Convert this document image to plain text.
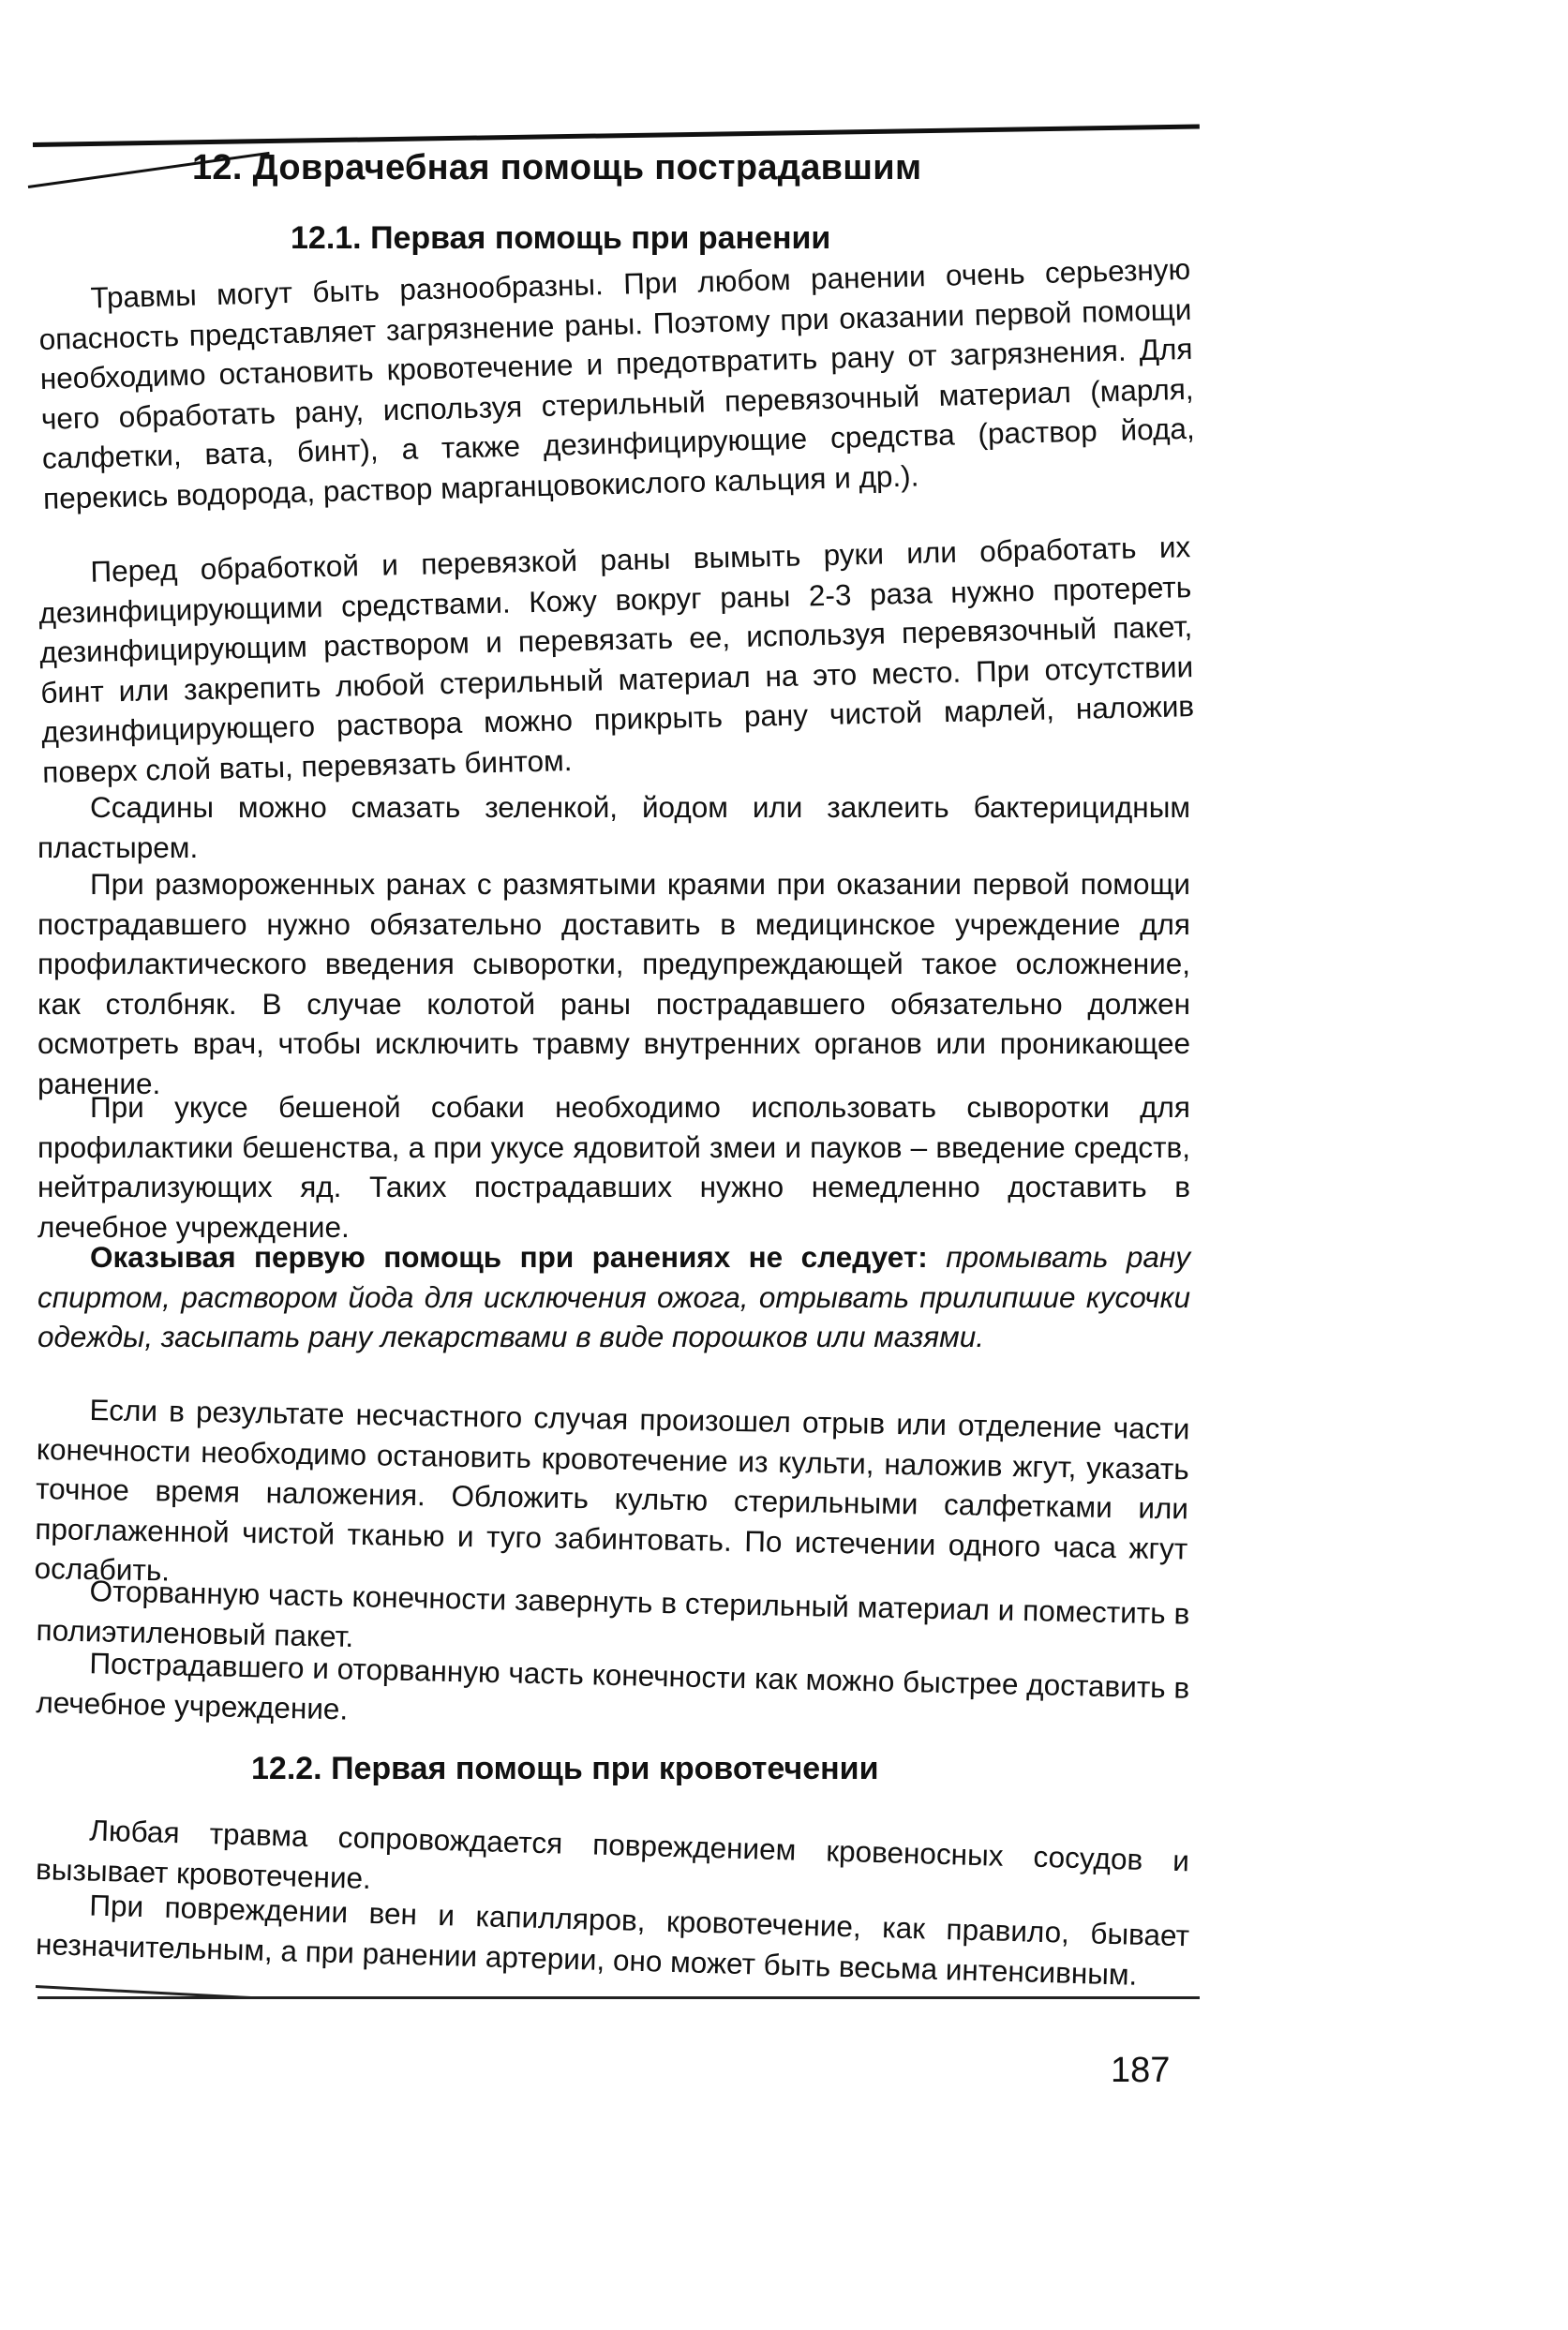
12. Доврачебная помощь пострадавшим
12.1. Первая помощь при ранении

Травмы могут быть разнообразны. При любом ранении очень серьезную опасность представляет загрязнение раны. Поэтому при оказании первой помощи необходимо остановить кровотечение и предотвратить рану от загрязнения. Для чего обработать рану, используя стерильный перевязочный материал (марля, салфетки, вата, бинт), а также дезинфицирующие средства (раствор йода, перекись водорода, раствор марганцовокислого кальция и др.).

Перед обработкой и перевязкой раны вымыть руки или обработать их дезинфицирующими средствами. Кожу вокруг раны 2-3 раза нужно протереть дезинфицирующим раствором и перевязать ее, используя перевязочный пакет, бинт или закрепить любой стерильный материал на это место. При отсутствии дезинфицирующего раствора можно прикрыть рану чистой марлей, наложив поверх слой ваты, перевязать бинтом.

Ссадины можно смазать зеленкой, йодом или заклеить бактерицидным пластырем.

При размороженных ранах с размятыми краями при оказании первой помощи пострадавшего нужно обязательно доставить в медицинское учреждение для профилактического введения сыворотки, предупреждающей такое осложнение, как столбняк. В случае колотой раны пострадавшего обязательно должен осмотреть врач, чтобы исключить травму внутренних органов или проникающее ранение.

При укусе бешеной собаки необходимо использовать сыворотки для профилактики бешенства, а при укусе ядовитой змеи и пауков – введение средств, нейтрализующих яд. Таких пострадавших нужно немедленно доставить в лечебное учреждение.

Оказывая первую помощь при ранениях не следует: промывать рану спиртом, раствором йода для исключения ожога, отрывать прилипшие кусочки одежды, засыпать рану лекарствами в виде порошков или мазями.

Если в результате несчастного случая произошел отрыв или отделение части конечности необходимо остановить кровотечение из культи, наложив жгут, указать точное время наложения. Обложить культю стерильными салфетками или проглаженной чистой тканью и туго забинтовать. По истечении одного часа жгут ослабить.

Оторванную часть конечности завернуть в стерильный материал и поместить в полиэтиленовый пакет.

Пострадавшего и оторванную часть конечности как можно быстрее доставить в лечебное учреждение.

12.2. Первая помощь при кровотечении

Любая травма сопровождается повреждением кровеносных сосудов и вызывает кровотечение.

При повреждении вен и капилляров, кровотечение, как правило, бывает незначительным, а при ранении артерии, оно может быть весьма интенсивным.

187
